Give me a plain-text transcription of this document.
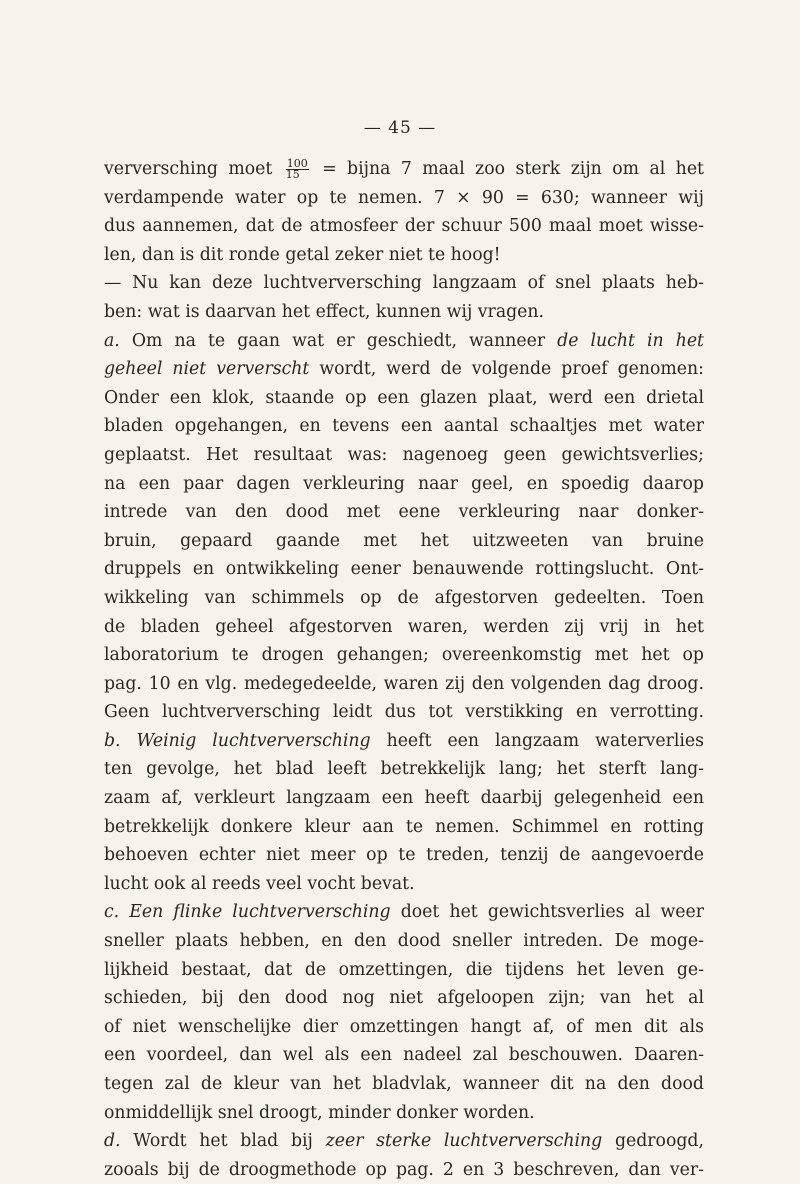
— 45 —
verversching moet $\frac{100}{15}$ = bijna 7 maal zoo sterk zijn om al het
verdampende water op te nemen. 7 × 90 = 630; wanneer wij
dus aannemen, dat de atmosfeer der schuur 500 maal moet wisse-
len, dan is dit ronde getal zeker niet te hoog!
— Nu kan deze luchtverversching langzaam of snel plaats heb-
ben: wat is daarvan het effect, kunnen wij vragen.
a. Om na te gaan wat er geschiedt, wanneer de lucht in het
geheel niet ververscht wordt, werd de volgende proef genomen:
Onder een klok, staande op een glazen plaat, werd een drietal
bladen opgehangen, en tevens een aantal schaaltjes met water
geplaatst. Het resultaat was: nagenoeg geen gewichtsverlies;
na een paar dagen verkleuring naar geel, en spoedig daarop
intrede van den dood met eene verkleuring naar donker-
bruin, gepaard gaande met het uitzweeten van bruine
druppels en ontwikkeling eener benauwende rottingslucht. Ont-
wikkeling van schimmels op de afgestorven gedeelten. Toen
de bladen geheel afgestorven waren, werden zij vrij in het
laboratorium te drogen gehangen; overeenkomstig met het op
pag. 10 en vlg. medegedeelde, waren zij den volgenden dag droog.
Geen luchtverversching leidt dus tot verstikking en verrotting.
b. Weinig luchtverversching heeft een langzaam waterverlies
ten gevolge, het blad leeft betrekkelijk lang; het sterft lang-
zaam af, verkleurt langzaam een heeft daarbij gelegenheid een
betrekkelijk donkere kleur aan te nemen. Schimmel en rotting
behoeven echter niet meer op te treden, tenzij de aangevoerde
lucht ook al reeds veel vocht bevat.
c. Een flinke luchtverversching doet het gewichtsverlies al weer
sneller plaats hebben, en den dood sneller intreden. De moge-
lijkheid bestaat, dat de omzettingen, die tijdens het leven ge-
schieden, bij den dood nog niet afgeloopen zijn; van het al
of niet wenschelijke dier omzettingen hangt af, of men dit als
een voordeel, dan wel als een nadeel zal beschouwen. Daaren-
tegen zal de kleur van het bladvlak, wanneer dit na den dood
onmiddellijk snel droogt, minder donker worden.
d. Wordt het blad bij zeer sterke luchtverversching gedroogd,
zooals bij de droogmethode op pag. 2 en 3 beschreven, dan ver-
